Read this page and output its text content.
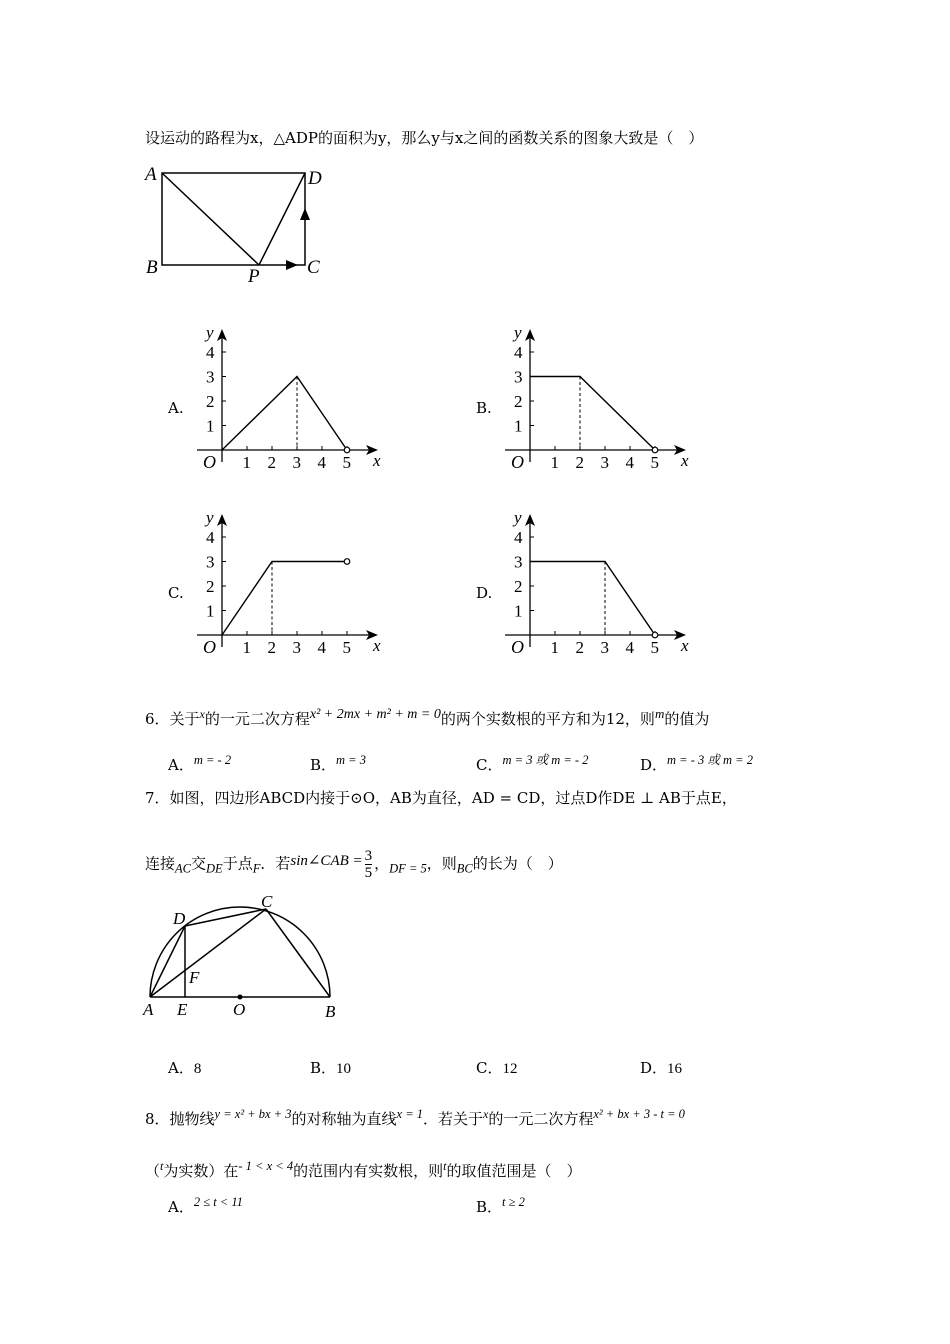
设运动的路程为x，△ADP的面积为y，那么y与x之间的函数关系的图象大致是（　）
A	D
B	C
P
A.	B.
C.	D.
x
y
O 1 2 3 4 5
1
2
3
4
x
y
O 1 2 3 4 5
1
2
3
4
x
y
O 1 2 3 4 5
1
2
3
4
x
y
O 1 2 3 4 5
1
2
3
4
6．关于$^x$的一元二次方程$^{x^2 + 2mx + m^2 + m = 0}$的两个实数根的平方和为12，则$^m$的值为
A．$^{m = - 2}$	B．$^{m = 3}$	C．$^{m = 3 或 m = - 2}$	D．$^{m = - 3 或 m = 2}$
7．如图，四边形ABCD内接于⊙O，AB为直径，AD = CD，过点D作DE ⊥ AB于点E，
连接$_{AC}$交$_{DE}$于点$_F$．若sin∠CAB = $\frac{3}{5}$ ，$_{DF = 5}$，则$_{BC}$的长为（　）
A E	O	B
D
C
F
A．8	B．10	C．12	D．16
8．抛物线$^{y = x^2 + bx + 3}$的对称轴为直线$^{x = 1}$．若关于$^x$的一元二次方程$^{x^2 + bx + 3 - t = 0}$
（$^t$为实数）在$^{- 1 < x < 4}$的范围内有实数根，则$^t$的取值范围是（　）
A．$^{2 \le t < 11}$	B．$^{t \ge 2}$
